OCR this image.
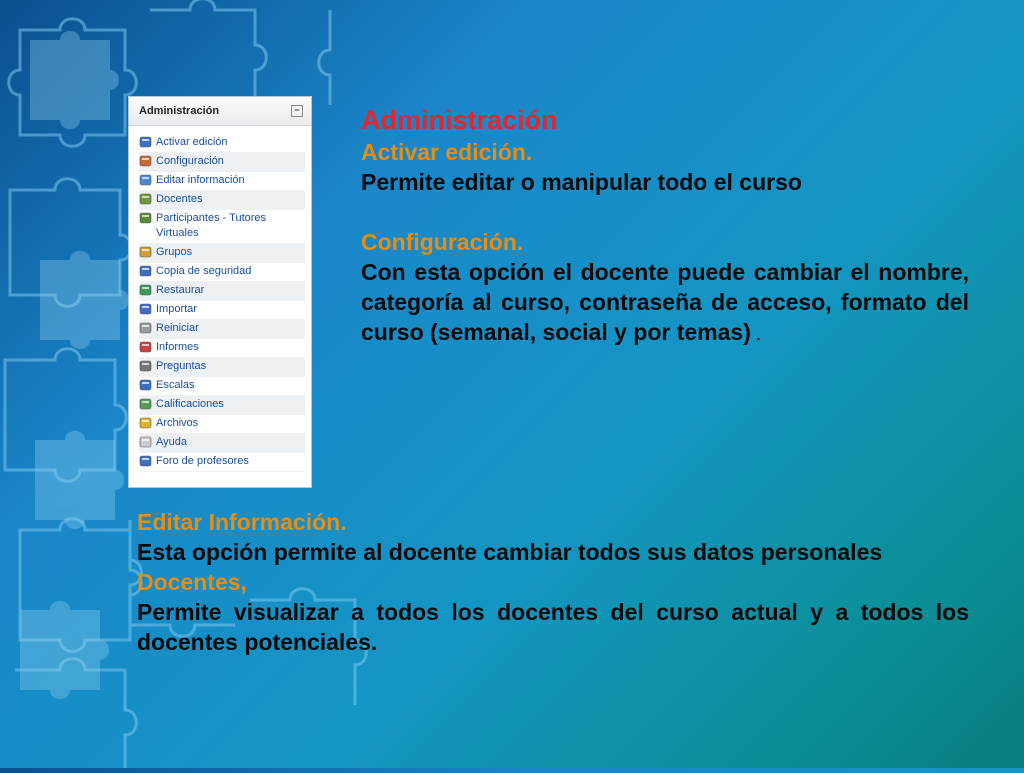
Administración	−
Activar edición
Configuración
Editar información
Docentes
Participantes - Tutores Virtuales
Grupos
Copia de seguridad
Restaurar
Importar
Reiniciar
Informes
Preguntas
Escalas
Calificaciones
Archivos
Ayuda
Foro de profesores
Administración
Activar edición.
Permite editar o manipular todo el curso
Configuración.
Con esta opción el docente puede cambiar el nombre, categoría al curso, contraseña de acceso, formato del curso (semanal, social y por temas) .
Editar Información.
Esta opción permite al docente cambiar todos sus datos personales
Docentes,
Permite visualizar a todos los docentes del curso actual y a todos los docentes potenciales.
